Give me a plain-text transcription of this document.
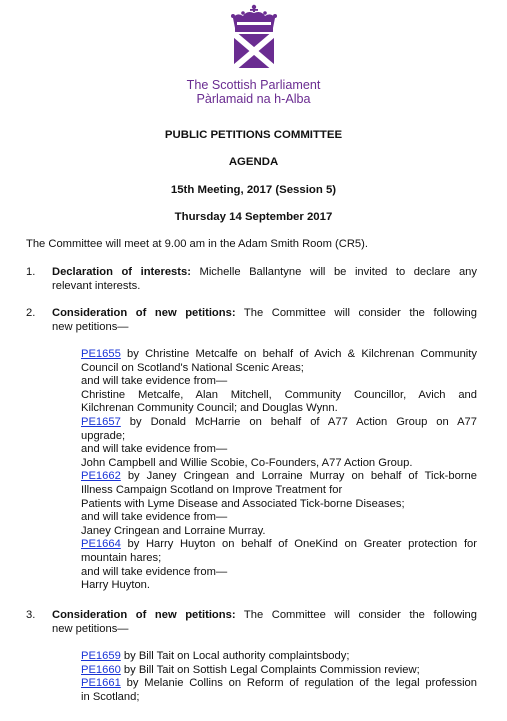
The Scottish Parliament
Pàrlamaid na h-Alba
PUBLIC PETITIONS COMMITTEE
AGENDA
15th Meeting, 2017 (Session 5)
Thursday 14 September 2017
The Committee will meet at 9.00 am in the Adam Smith Room (CR5).
1. Declaration of interests: Michelle Ballantyne will be invited to declare any
relevant interests.
2. Consideration of new petitions: The Committee will consider the following
new petitions—
PE1655 by Christine Metcalfe on behalf of Avich & Kilchrenan Community
Council on Scotland's National Scenic Areas;
and will take evidence from—
Christine Metcalfe, Alan Mitchell, Community Councillor, Avich and
Kilchrenan Community Council; and Douglas Wynn.
PE1657 by Donald McHarrie on behalf of A77 Action Group on A77
upgrade;
and will take evidence from—
John Campbell and Willie Scobie, Co-Founders, A77 Action Group.
PE1662 by Janey Cringean and Lorraine Murray on behalf of Tick-borne
Illness Campaign Scotland on Improve Treatment for
Patients with Lyme Disease and Associated Tick-borne Diseases;
and will take evidence from—
Janey Cringean and Lorraine Murray.
PE1664 by Harry Huyton on behalf of OneKind on Greater protection for
mountain hares;
and will take evidence from—
Harry Huyton.
3. Consideration of new petitions: The Committee will consider the following
new petitions—
PE1659 by Bill Tait on Local authority complaintsbody;
PE1660 by Bill Tait on Sottish Legal Complaints Commission review;
PE1661 by Melanie Collins on Reform of regulation of the legal profession
in Scotland;
